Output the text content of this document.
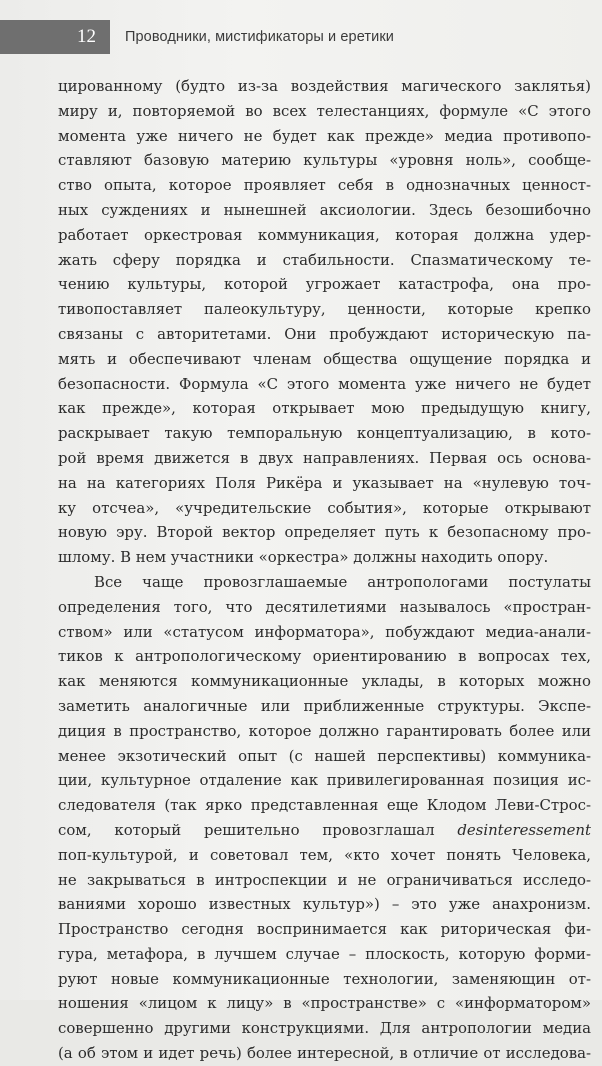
12	Проводники, мистификаторы и еретики
цированному (будто из-за воздействия магического заклятья)
миру и, повторяемой во всех телестанциях, формуле «С этого
момента уже ничего не будет как прежде» медиа противопо-
ставляют базовую материю культуры «уровня ноль», сообще-
ство опыта, которое проявляет себя в однозначных ценност-
ных суждениях и нынешней аксиологии. Здесь безошибочно
работает оркестровая коммуникация, которая должна удер-
жать сферу порядка и стабильности. Спазматическому те-
чению культуры, которой угрожает катастрофа, она про-
тивопоставляет палеокультуру, ценности, которые крепко
связаны с авторитетами. Они пробуждают историческую па-
мять и обеспечивают членам общества ощущение порядка и
безопасности. Формула «С этого момента уже ничего не будет
как прежде», которая открывает мою предыдущую книгу,
раскрывает такую темпоральную концептуализацию, в кото-
рой время движется в двух направлениях. Первая ось основа-
на на категориях Поля Рикёра и указывает на «нулевую точ-
ку отсчеа», «учредительские события», которые открывают
новую эру. Второй вектор определяет путь к безопасному про-
шлому. В нем участники «оркестра» должны находить опору.
Все чаще провозглашаемые антропологами постулаты
определения того, что десятилетиями называлось «простран-
ством» или «статусом информатора», побуждают медиа-анали-
тиков к антропологическому ориентированию в вопросах тех,
как меняются коммуникационные уклады, в которых можно
заметить аналогичные или приближенные структуры. Экспе-
диция в пространство, которое должно гарантировать более или
менее экзотический опыт (с нашей перспективы) коммуника-
ции, культурное отдаление как привилегированная позиция ис-
следователя (так ярко представленная еще Клодом Леви-Строс-
сом, который решительно провозглашал desinteressement
поп-культурой, и советовал тем, «кто хочет понять Человека,
не закрываться в интроспекции и не ограничиваться исследо-
ваниями хорошо известных культур») – это уже анахронизм.
Пространство сегодня воспринимается как риторическая фи-
гура, метафора, в лучшем случае – плоскость, которую форми-
руют новые коммуникационные технологии, заменяющин от-
ношения «лицом к лицу» в «пространстве» с «информатором»
совершенно другими конструкциями. Для антропологии медиа
(а об этом и идет речь) более интересной, в отличие от исследова-
